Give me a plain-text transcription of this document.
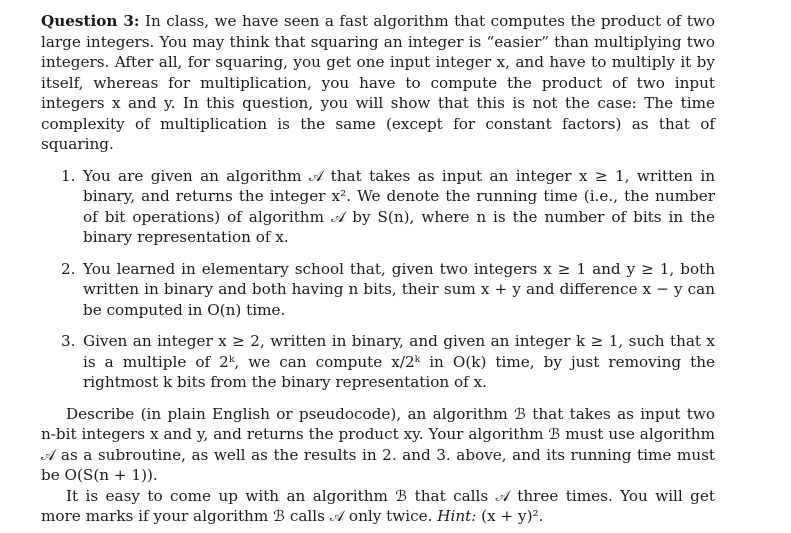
Question 3: In class, we have seen a fast algorithm that computes the product of two large integers. You may think that squaring an integer is “easier” than multiplying two integers. After all, for squaring, you get one input integer x, and have to multiply it by itself, whereas for multiplication, you have to compute the product of two input integers x and y. In this question, you will show that this is not the case: The time complexity of multiplication is the same (except for constant factors) as that of squaring.

1. You are given an algorithm 𝒜 that takes as input an integer x ≥ 1, written in binary, and returns the integer x². We denote the running time (i.e., the number of bit operations) of algorithm 𝒜 by S(n), where n is the number of bits in the binary representation of x.
2. You learned in elementary school that, given two integers x ≥ 1 and y ≥ 1, both written in binary and both having n bits, their sum x + y and difference x − y can be computed in O(n) time.
3. Given an integer x ≥ 2, written in binary, and given an integer k ≥ 1, such that x is a multiple of 2ᵏ, we can compute x/2ᵏ in O(k) time, by just removing the rightmost k bits from the binary representation of x.

Describe (in plain English or pseudocode), an algorithm ℬ that takes as input two n-bit integers x and y, and returns the product xy. Your algorithm ℬ must use algorithm 𝒜 as a subroutine, as well as the results in 2. and 3. above, and its running time must be O(S(n + 1)).

It is easy to come up with an algorithm ℬ that calls 𝒜 three times. You will get more marks if your algorithm ℬ calls 𝒜 only twice. Hint: (x + y)².
